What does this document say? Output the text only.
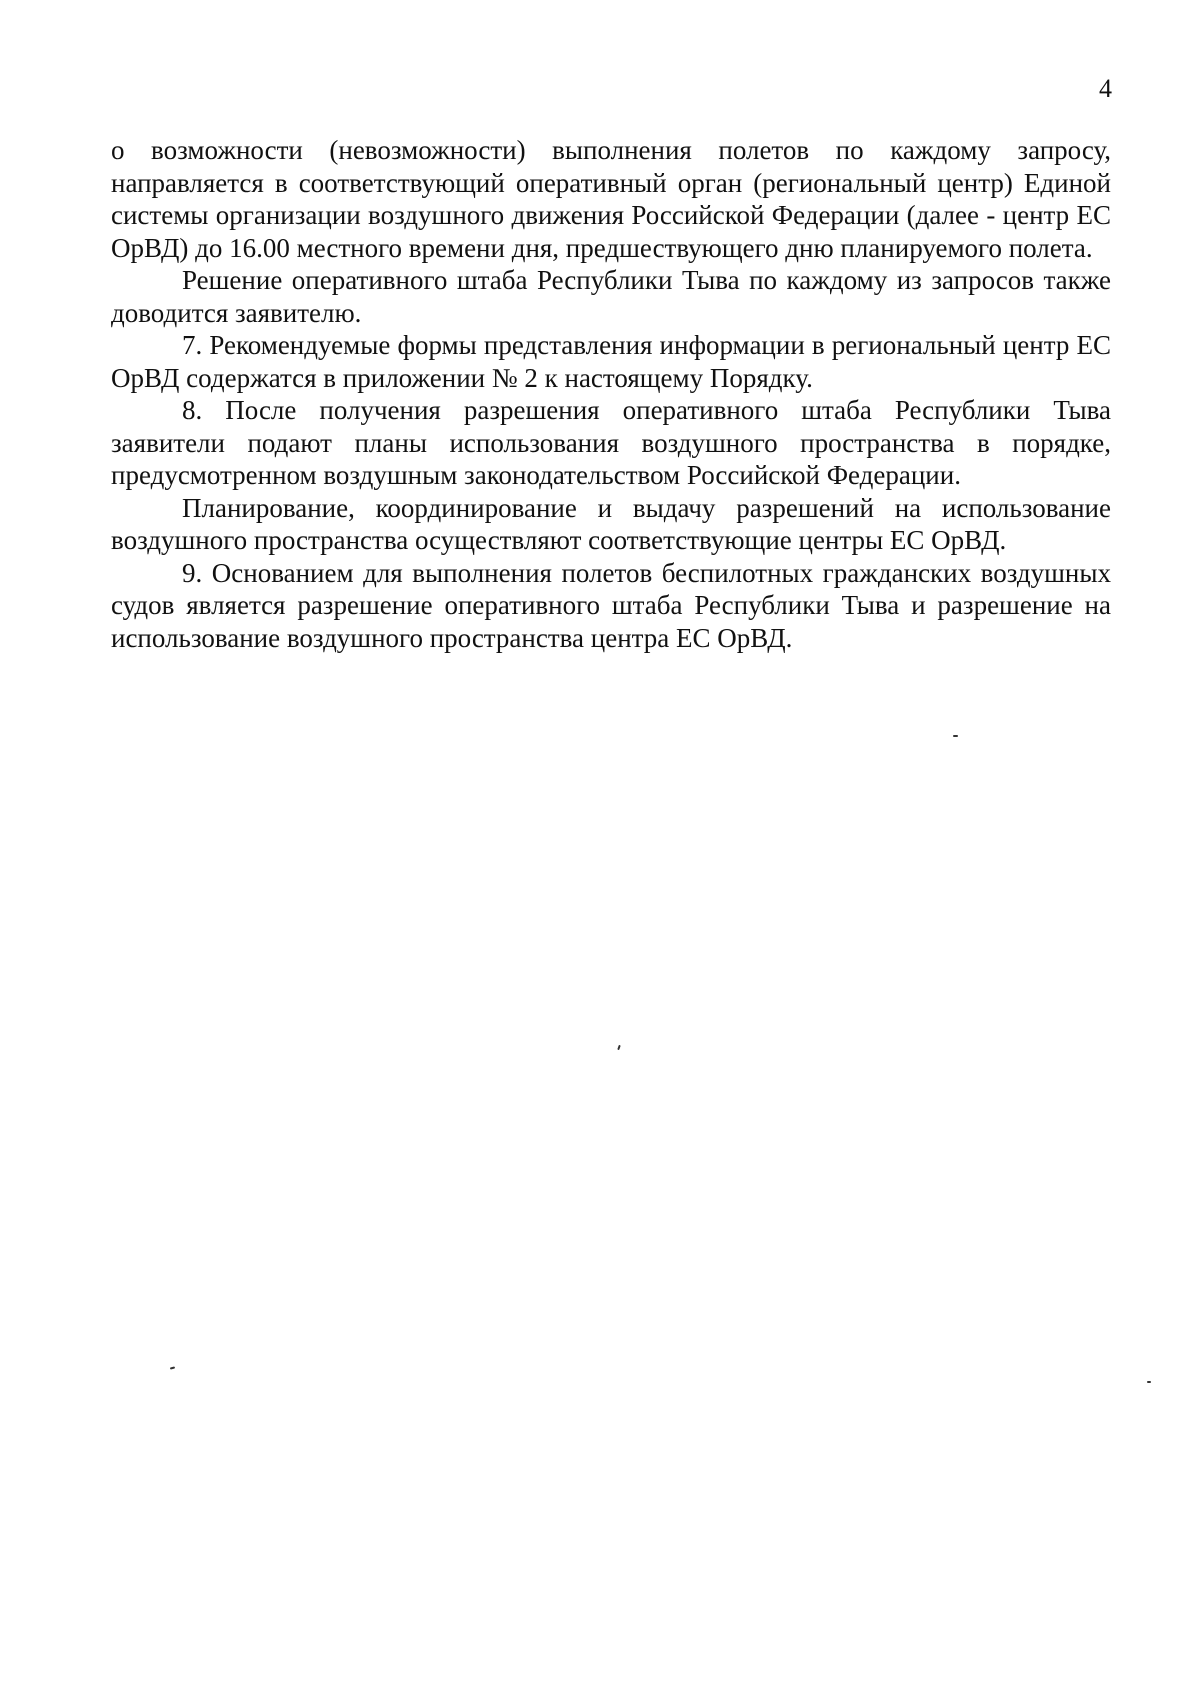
4

о возможности (невозможности) выполнения полетов по каждому запросу, направляется в соответствующий оперативный орган (региональный центр) Единой системы организации воздушного движения Российской Федерации (далее - центр ЕС ОрВД) до 16.00 местного времени дня, предшествующего дню планируемого полета.

Решение оперативного штаба Республики Тыва по каждому из запросов также доводится заявителю.

7. Рекомендуемые формы представления информации в региональный центр ЕС ОрВД содержатся в приложении № 2 к настоящему Порядку.

8. После получения разрешения оперативного штаба Республики Тыва заявители подают планы использования воздушного пространства в порядке, предусмотренном воздушным законодательством Российской Федерации.

Планирование, координирование и выдачу разрешений на использование воздушного пространства осуществляют соответствующие центры ЕС ОрВД.

9. Основанием для выполнения полетов беспилотных гражданских воздушных судов является разрешение оперативного штаба Республики Тыва и разрешение на использование воздушного пространства центра ЕС ОрВД.
